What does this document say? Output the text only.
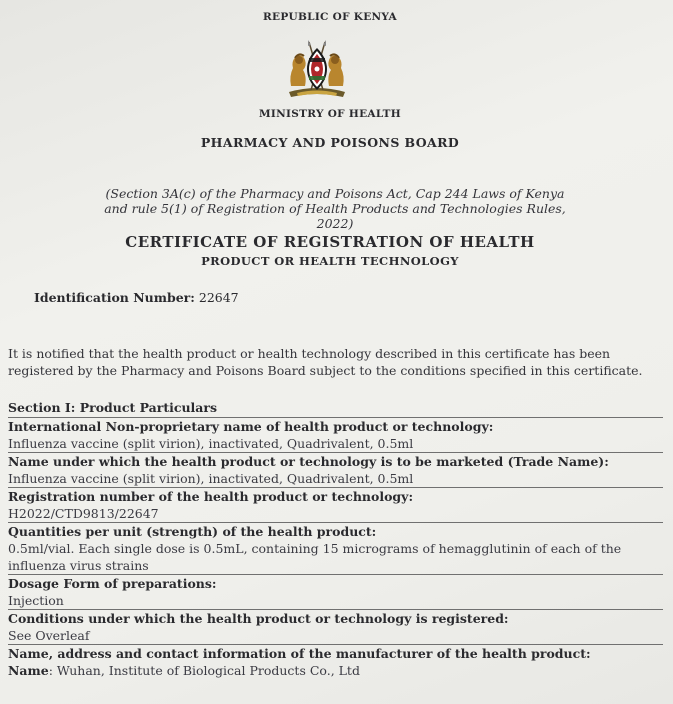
REPUBLIC OF KENYA
MINISTRY OF HEALTH
PHARMACY AND POISONS BOARD
(Section 3A(c) of the Pharmacy and Poisons Act, Cap 244 Laws of Kenya and rule 5(1) of Registration of Health Products and Technologies Rules, 2022)
CERTIFICATE OF REGISTRATION OF HEALTH
PRODUCT OR HEALTH TECHNOLOGY
Identification Number: 22647
It is notified that the health product or health technology described in this certificate has been registered by the Pharmacy and Poisons Board subject to the conditions specified in this certificate.
Section I: Product Particulars
International Non-proprietary name of health product or technology:
Influenza vaccine (split virion), inactivated, Quadrivalent, 0.5ml
Name under which the health product or technology is to be marketed (Trade Name):
Influenza vaccine (split virion), inactivated, Quadrivalent, 0.5ml
Registration number of the health product or technology:
H2022/CTD9813/22647
Quantities per unit (strength) of the health product:
0.5ml/vial. Each single dose is 0.5mL, containing 15 micrograms of hemagglutinin of each of the influenza virus strains
Dosage Form of preparations:
Injection
Conditions under which the health product or technology is registered:
See Overleaf
Name, address and contact information of the manufacturer of the health product:
Name: Wuhan, Institute of Biological Products Co., Ltd
